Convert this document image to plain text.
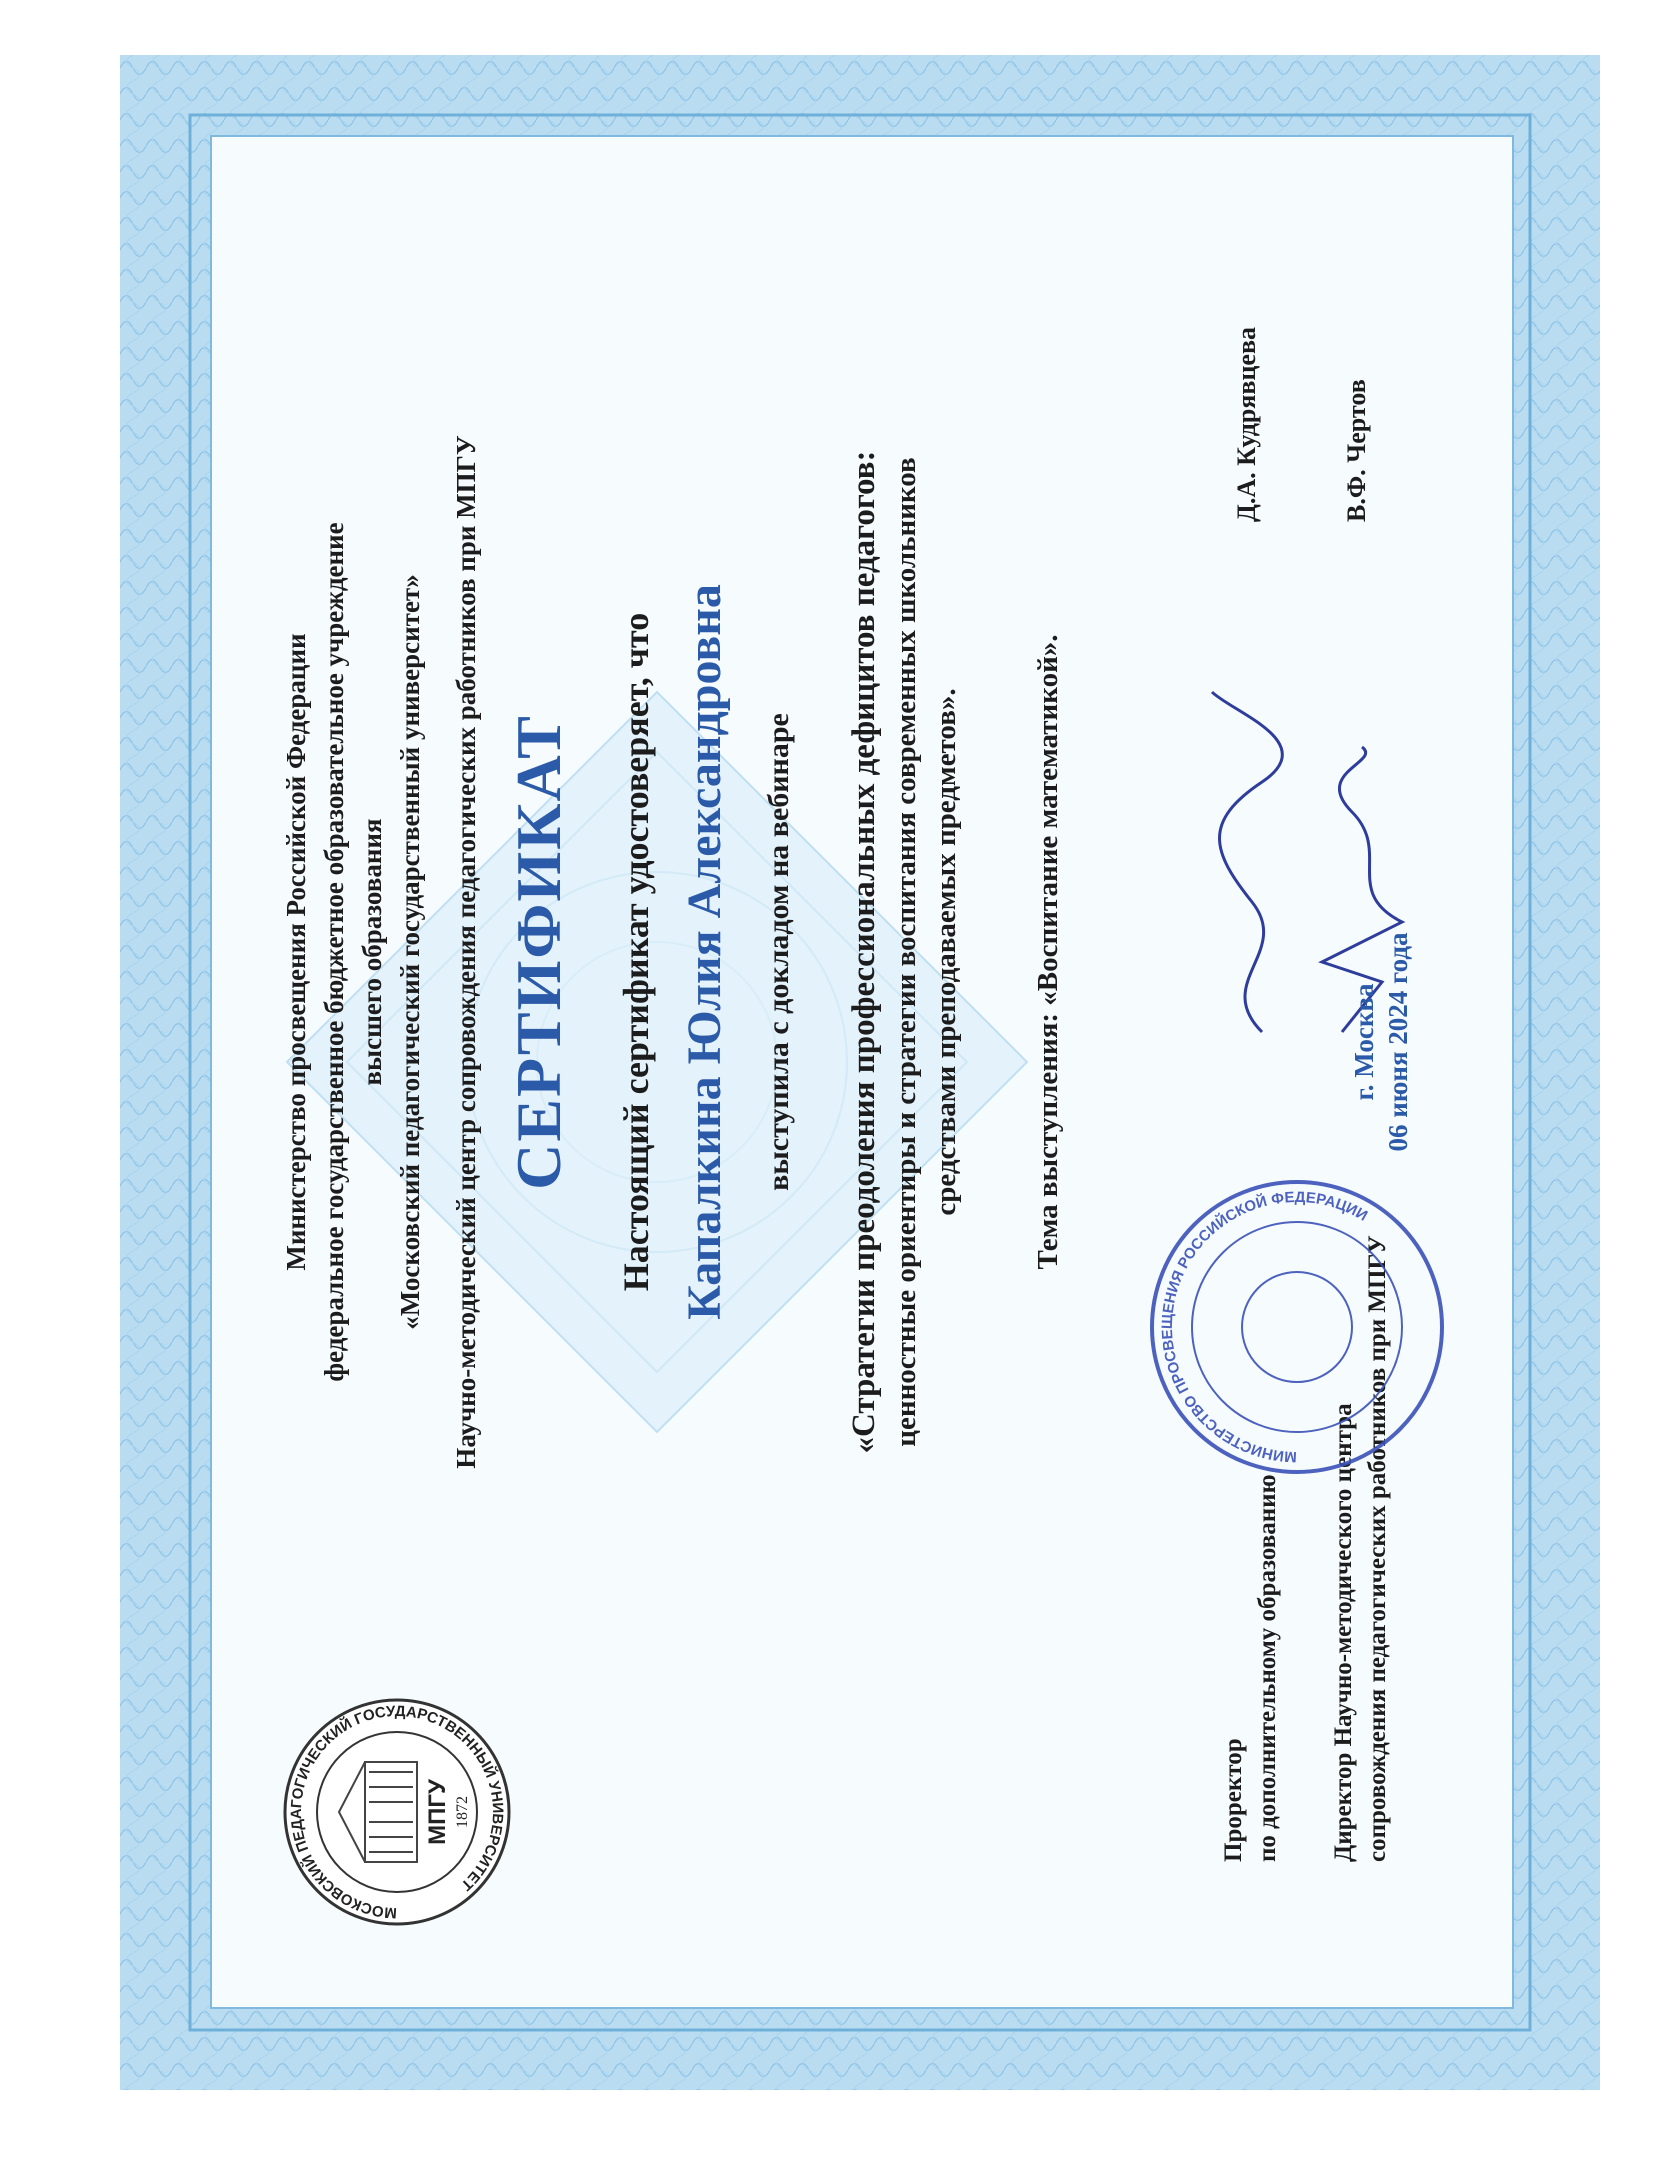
МОСКОВСКИЙ ПЕДАГОГИЧЕСКИЙ ГОСУДАРСТВЕННЫЙ УНИВЕРСИТЕТ
МПГУ 1872
Министерство просвещения Российской Федерации федеральное государственное бюджетное образовательное учреждение высшего образования «Московский педагогический государственный университет» Научно-методический центр сопровождения педагогических работников при МПГУ СЕРТИФИКАТ Настоящий сертификат удостоверяет, что Капалкина Юлия Александровна выступила с докладом на вебинаре «Стратегии преодоления профессиональных дефицитов педагогов: ценностные ориентиры и стратегии воспитания современных школьников средствами преподаваемых предметов». Тема выступления: «Воспитание математикой».
Проректор по дополнительному образованию Директор Научно-методического центра сопровождения педагогических работников при МПГУ
Д.А. Кудрявцева	В.Ф. Чертов
МИНИСТЕРСТВО ПРОСВЕЩЕНИЯ РОССИЙСКОЙ ФЕДЕРАЦИИ
г. Москва 06 июня 2024 года
